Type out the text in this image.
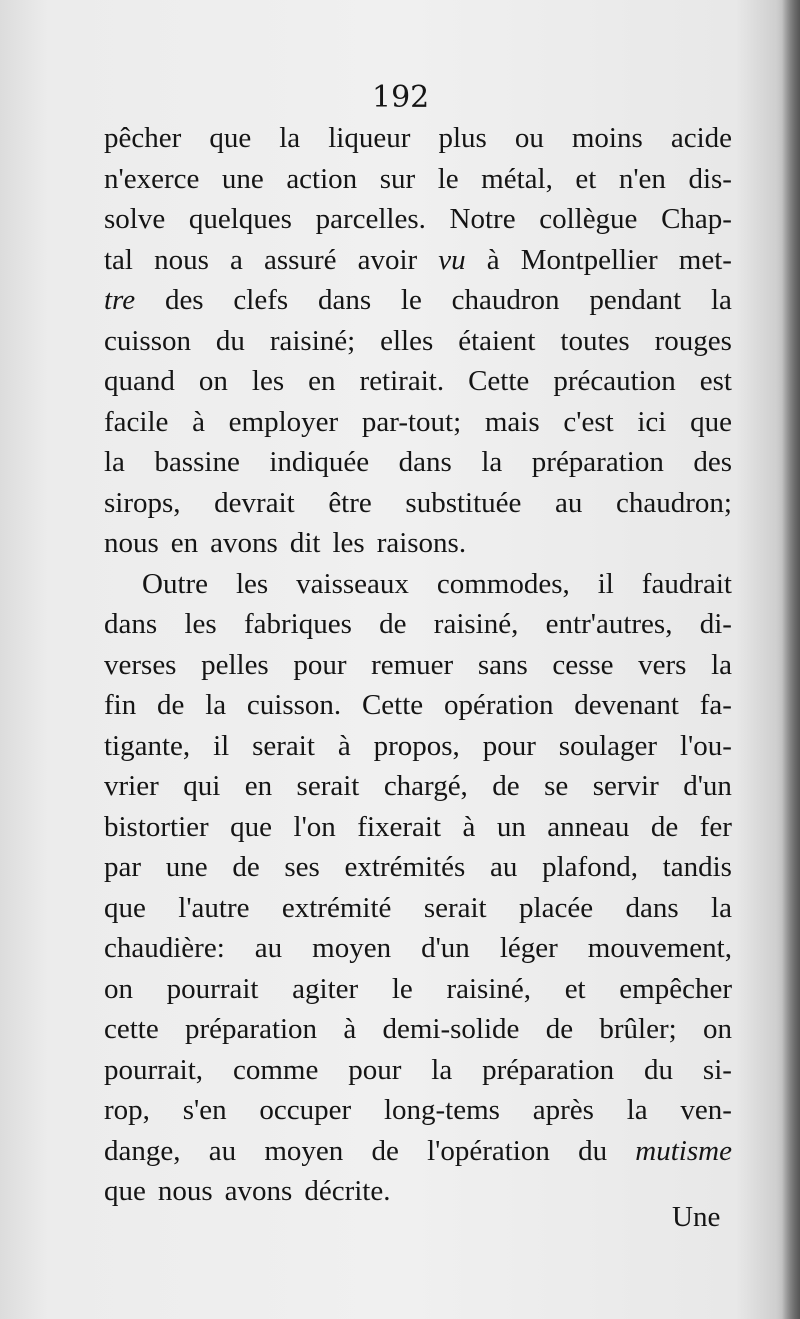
192
pêcher que la liqueur plus ou moins acide
n'exerce une action sur le métal, et n'en dis-
solve quelques parcelles. Notre collègue Chap-
tal nous a assuré avoir vu à Montpellier met-
tre des clefs dans le chaudron pendant la
cuisson du raisiné; elles étaient toutes rouges
quand on les en retirait. Cette précaution est
facile à employer par-tout; mais c'est ici que
la bassine indiquée dans la préparation des
sirops, devrait être substituée au chaudron;
nous en avons dit les raisons.
Outre les vaisseaux commodes, il faudrait
dans les fabriques de raisiné, entr'autres, di-
verses pelles pour remuer sans cesse vers la
fin de la cuisson. Cette opération devenant fa-
tigante, il serait à propos, pour soulager l'ou-
vrier qui en serait chargé, de se servir d'un
bistortier que l'on fixerait à un anneau de fer
par une de ses extrémités au plafond, tandis
que l'autre extrémité serait placée dans la
chaudière: au moyen d'un léger mouvement,
on pourrait agiter le raisiné, et empêcher
cette préparation à demi-solide de brûler; on
pourrait, comme pour la préparation du si-
rop, s'en occuper long-tems après la ven-
dange, au moyen de l'opération du mutisme
que nous avons décrite.
Une
